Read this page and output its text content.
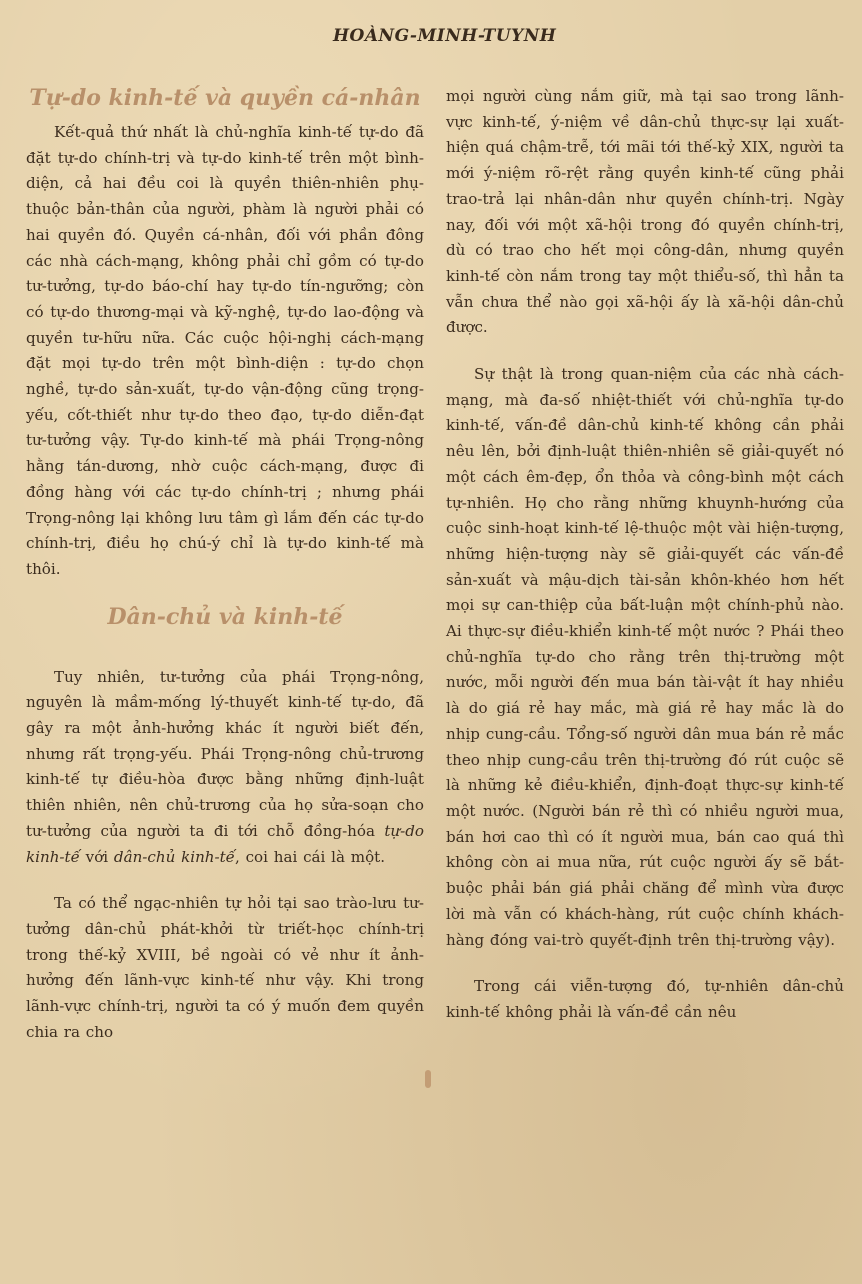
HOÀNG-MINH-TUYNH
Tự-do kinh-tế và quyền cá-nhân

Kết-quả thứ nhất là chủ-nghĩa kinh-tế tự-do đã đặt tự-do chính-trị và tự-do kinh-tế trên một bình-diện, cả hai đều coi là quyền thiên-nhiên phụ-thuộc bản-thân của người, phàm là người phải có hai quyền đó. Quyền cá-nhân, đối với phần đông các nhà cách-mạng, không phải chỉ gồm có tự-do tư-tưởng, tự-do báo-chí hay tự-do tín-ngưỡng; còn có tự-do thương-mại và kỹ-nghệ, tự-do lao-động và quyền tư-hữu nữa. Các cuộc hội-nghị cách-mạng đặt mọi tự-do trên một bình-diện : tự-do chọn nghề, tự-do sản-xuất, tự-do vận-động cũng trọng-yếu, cốt-thiết như tự-do theo đạo, tự-do diễn-đạt tư-tưởng vậy. Tự-do kinh-tế mà phái Trọng-nông hằng tán-dương, nhờ cuộc cách-mạng, được đi đồng hàng với các tự-do chính-trị ; nhưng phái Trọng-nông lại không lưu tâm gì lắm đến các tự-do chính-trị, điều họ chú-ý chỉ là tự-do kinh-tế mà thôi.

Dân-chủ và kinh-tế

Tuy nhiên, tư-tưởng của phái Trọng-nông, nguyên là mầm-mống lý-thuyết kinh-tế tự-do, đã gây ra một ảnh-hưởng khác ít người biết đến, nhưng rất trọng-yếu. Phái Trọng-nông chủ-trương kinh-tế tự điều-hòa được bằng những định-luật thiên nhiên, nên chủ-trương của họ sửa-soạn cho tư-tưởng của người ta đi tới chỗ đồng-hóa tự-do kinh-tế với dân-chủ kinh-tế, coi hai cái là một.

Ta có thể ngạc-nhiên tự hỏi tại sao trào-lưu tư-tưởng dân-chủ phát-khởi từ triết-học chính-trị trong thế-kỷ XVIII, bề ngoài có vẻ như ít ảnh-hưởng đến lãnh-vực kinh-tế như vậy. Khi trong lãnh-vực chính-trị, người ta có ý muốn đem quyền chia ra cho

mọi người cùng nắm giữ, mà tại sao trong lãnh-vực kinh-tế, ý-niệm về dân-chủ thực-sự lại xuất-hiện quá chậm-trễ, tới mãi tới thế-kỷ XIX, người ta mới ý-niệm rõ-rệt rằng quyền kinh-tế cũng phải trao-trả lại nhân-dân như quyền chính-trị. Ngày nay, đối với một xã-hội trong đó quyền chính-trị, dù có trao cho hết mọi công-dân, nhưng quyền kinh-tế còn nắm trong tay một thiểu-số, thì hẳn ta vẫn chưa thể nào gọi xã-hội ấy là xã-hội dân-chủ được.

Sự thật là trong quan-niệm của các nhà cách-mạng, mà đa-số nhiệt-thiết với chủ-nghĩa tự-do kinh-tế, vấn-đề dân-chủ kinh-tế không cần phải nêu lên, bởi định-luật thiên-nhiên sẽ giải-quyết nó một cách êm-đẹp, ổn thỏa và công-bình một cách tự-nhiên. Họ cho rằng những khuynh-hướng của cuộc sinh-hoạt kinh-tế lệ-thuộc một vài hiện-tượng, những hiện-tượng này sẽ giải-quyết các vấn-đề sản-xuất và mậu-dịch tài-sản khôn-khéo hơn hết mọi sự can-thiệp của bất-luận một chính-phủ nào. Ai thực-sự điều-khiển kinh-tế một nước ? Phái theo chủ-nghĩa tự-do cho rằng trên thị-trường một nước, mỗi người đến mua bán tài-vật ít hay nhiều là do giá rẻ hay mắc, mà giá rẻ hay mắc là do nhịp cung-cầu. Tổng-số người dân mua bán rẻ mắc theo nhịp cung-cầu trên thị-trường đó rút cuộc sẽ là những kẻ điều-khiển, định-đoạt thực-sự kinh-tế một nước. (Người bán rẻ thì có nhiều người mua, bán hơi cao thì có ít người mua, bán cao quá thì không còn ai mua nữa, rút cuộc người ấy sẽ bắt-buộc phải bán giá phải chăng để mình vừa được lời mà vẫn có khách-hàng, rút cuộc chính khách-hàng đóng vai-trò quyết-định trên thị-trường vậy).

Trong cái viễn-tượng đó, tự-nhiên dân-chủ kinh-tế không phải là vấn-đề cần nêu
